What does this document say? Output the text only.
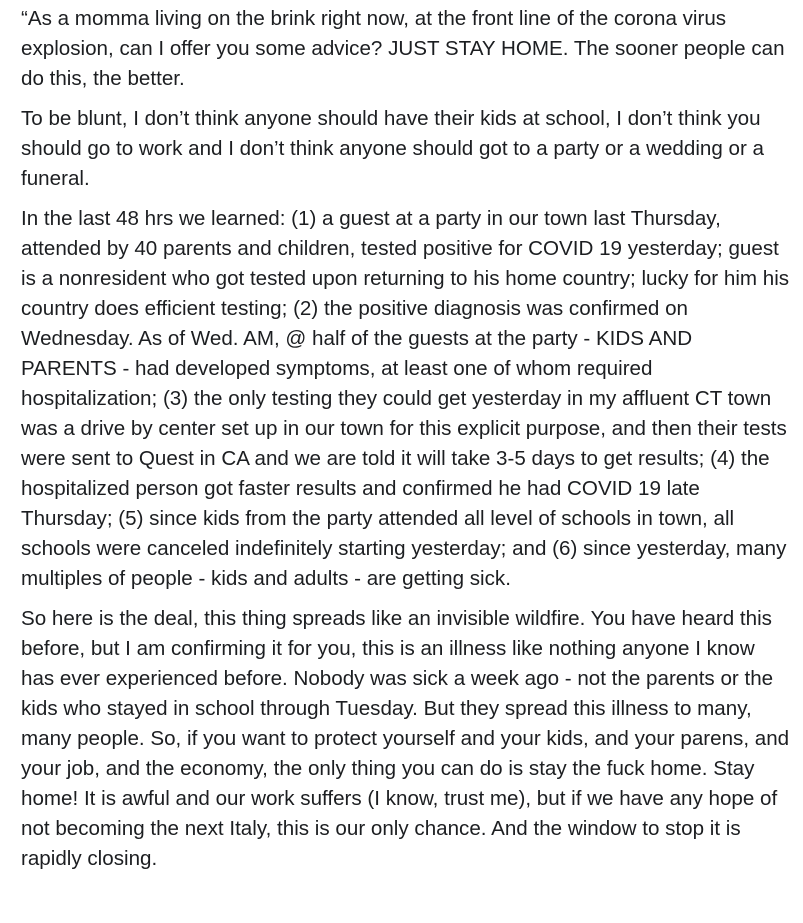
“As a momma living on the brink right now, at the front line of the corona virus explosion, can I offer you some advice? JUST STAY HOME. The sooner people can do this, the better.

To be blunt, I don’t think anyone should have their kids at school, I don’t think you should go to work and I don’t think anyone should got to a party or a wedding or a funeral.

In the last 48 hrs we learned: (1) a guest at a party in our town last Thursday, attended by 40 parents and children, tested positive for COVID 19 yesterday; guest is a nonresident who got tested upon returning to his home country; lucky for him his country does efficient testing; (2) the positive diagnosis was confirmed on Wednesday. As of Wed. AM, @ half of the guests at the party - KIDS AND PARENTS - had developed symptoms, at least one of whom required hospitalization; (3) the only testing they could get yesterday in my affluent CT town was a drive by center set up in our town for this explicit purpose, and then their tests were sent to Quest in CA and we are told it will take 3-5 days to get results; (4) the hospitalized person got faster results and confirmed he had COVID 19 late Thursday; (5) since kids from the party attended all level of schools in town, all schools were canceled indefinitely starting yesterday; and (6) since yesterday, many multiples of people - kids and adults - are getting sick.

So here is the deal, this thing spreads like an invisible wildfire. You have heard this before, but I am confirming it for you, this is an illness like nothing anyone I know has ever experienced before. Nobody was sick a week ago - not the parents or the kids who stayed in school through Tuesday. But they spread this illness to many, many people. So, if you want to protect yourself and your kids, and your parens, and your job, and the economy, the only thing you can do is stay the fuck home. Stay home! It is awful and our work suffers (I know, trust me), but if we have any hope of not becoming the next Italy, this is our only chance. And the window to stop it is rapidly closing.
